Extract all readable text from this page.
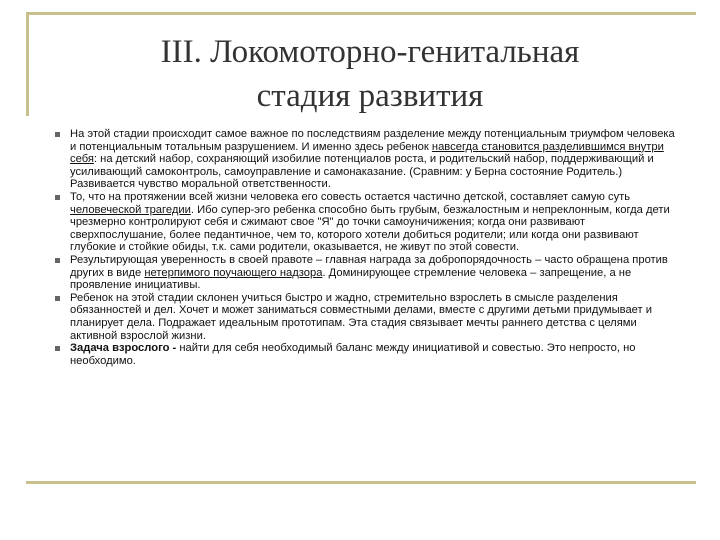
III. Локомоторно-генитальная
стадия развития
На этой стадии происходит самое важное по последствиям разделение между потенциальным триумфом человека и потенциальным тотальным разрушением. И именно здесь ребенок навсегда становится разделившимся внутри себя: на детский набор, сохраняющий изобилие потенциалов роста, и родительский набор, поддерживающий и усиливающий самоконтроль, самоуправление и самонаказание. (Сравним: у Берна состояние Родитель.) Развивается чувство моральной ответственности.
То, что на протяжении всей жизни человека его совесть остается частично детской, составляет самую суть человеческой трагедии. Ибо супер-эго ребенка способно быть грубым, безжалостным и непреклонным, когда дети чрезмерно контролируют себя и сжимают свое "Я" до точки самоуничижения; когда они развивают сверхпослушание, более педантичное, чем то, которого хотели добиться родители; или когда они развивают глубокие и стойкие обиды, т.к. сами родители, оказывается, не живут по этой совести.
Результирующая уверенность в своей правоте – главная награда за добропорядочность – часто обращена против других в виде нетерпимого поучающего надзора. Доминирующее стремление человека – запрещение, а не проявление инициативы.
Ребенок на этой стадии склонен учиться быстро и жадно, стремительно взрослеть в смысле разделения обязанностей и дел. Хочет и может заниматься совместными делами, вместе с другими детьми придумывает и планирует дела. Подражает идеальным прототипам. Эта стадия связывает мечты раннего детства с целями активной взрослой жизни.
Задача взрослого - найти для себя необходимый баланс между инициативой и совестью. Это непросто, но необходимо.
